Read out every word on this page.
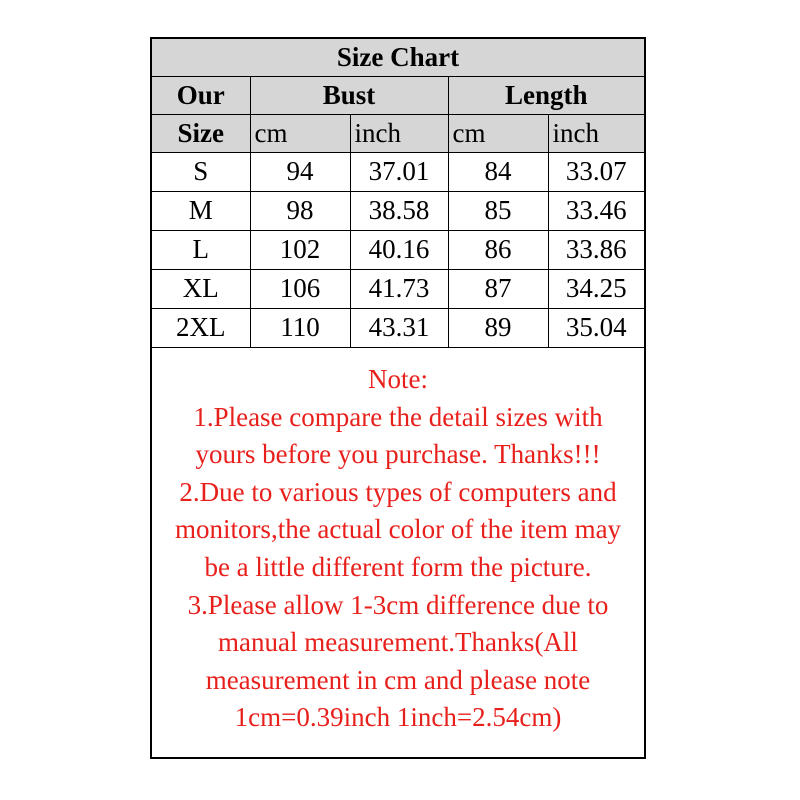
Size Chart				
Our	Bust		Length	
Size	cm	inch	cm	inch
S	94	37.01	84	33.07
M	98	38.58	85	33.46
L	102	40.16	86	33.86
XL	106	41.73	87	34.25
2XL	110	43.31	89	35.04
Note:
1.Please compare the detail sizes with
yours before you purchase. Thanks!!!
2.Due to various types of computers and
monitors,the actual color of the item may
be a little different form the picture.
3.Please allow 1-3cm difference due to
manual measurement.Thanks(All
measurement in cm and please note
1cm=0.39inch 1inch=2.54cm)
